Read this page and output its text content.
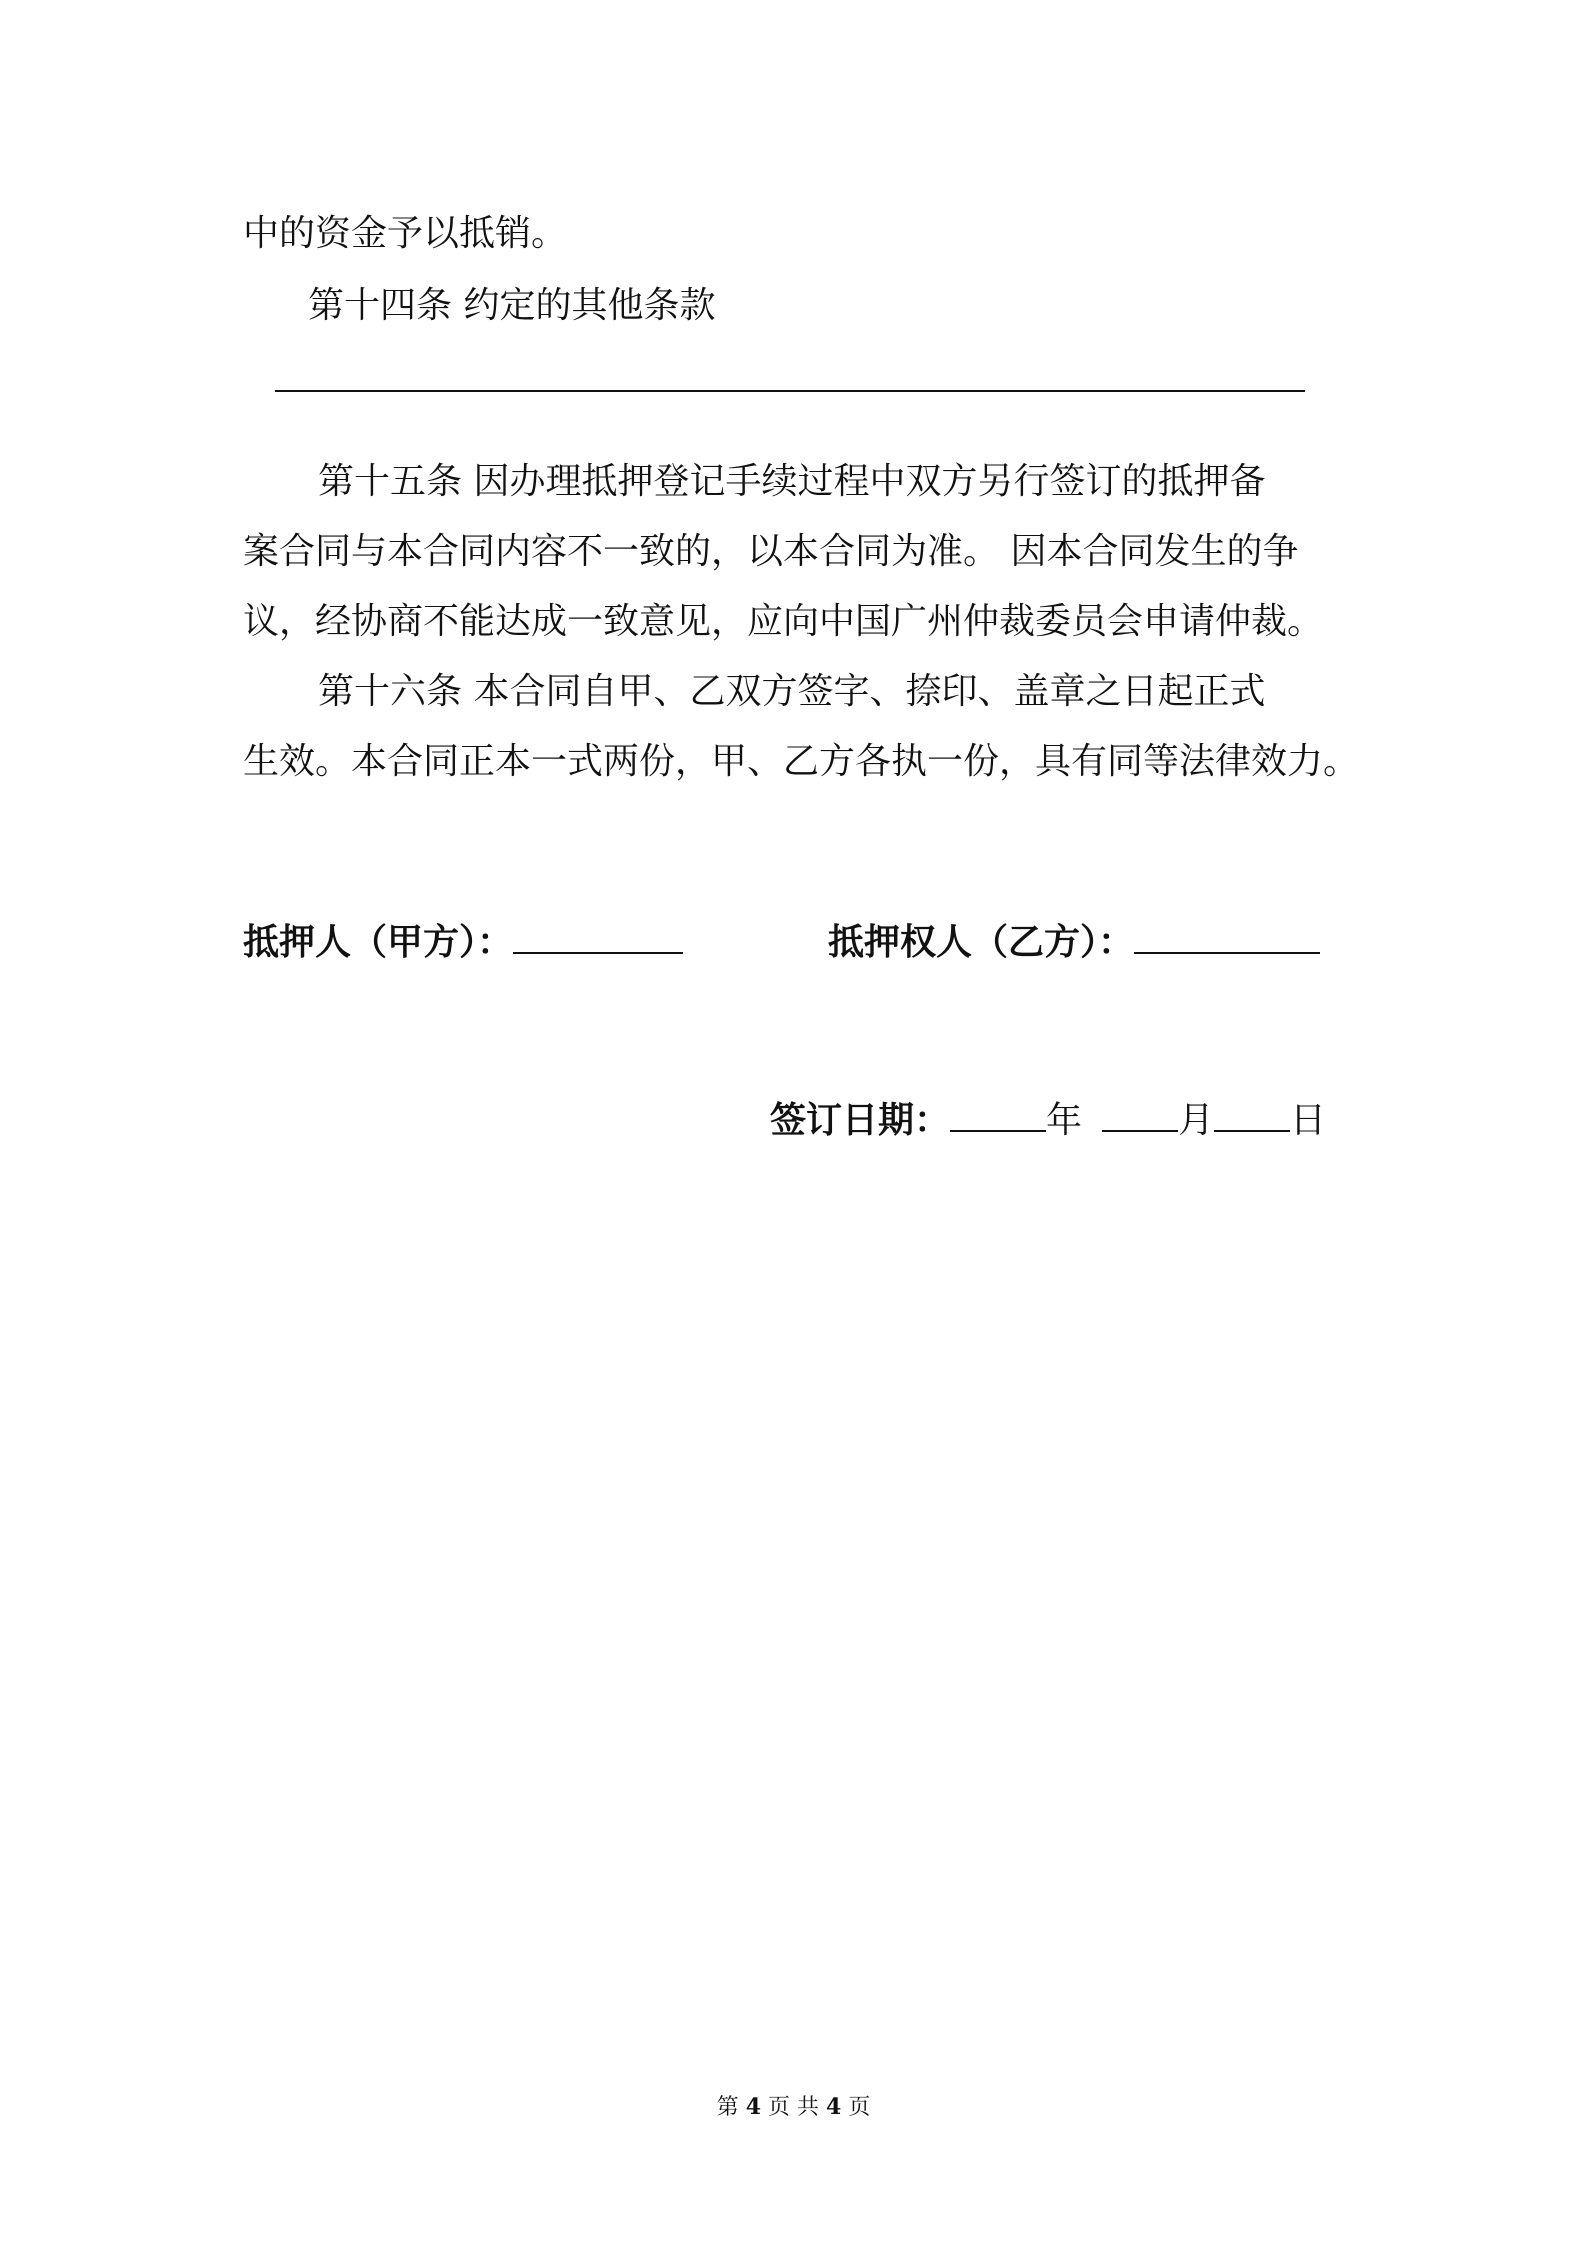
中的资金予以抵销。
第十四条 约定的其他条款
第十五条 因办理抵押登记手续过程中双方另行签订的抵押备
案合同与本合同内容不一致的，以本合同为准。 因本合同发生的争
议，经协商不能达成一致意见，应向中国广州仲裁委员会申请仲裁。
第十六条 本合同自甲、乙双方签字、捺印、盖章之日起正式
生效。本合同正本一式两份，甲、乙方各执一份，具有同等法律效力。
抵押人（甲方）：	抵押权人（乙方）：
签订日期：	年	月 日
第 4 页 共 4 页
